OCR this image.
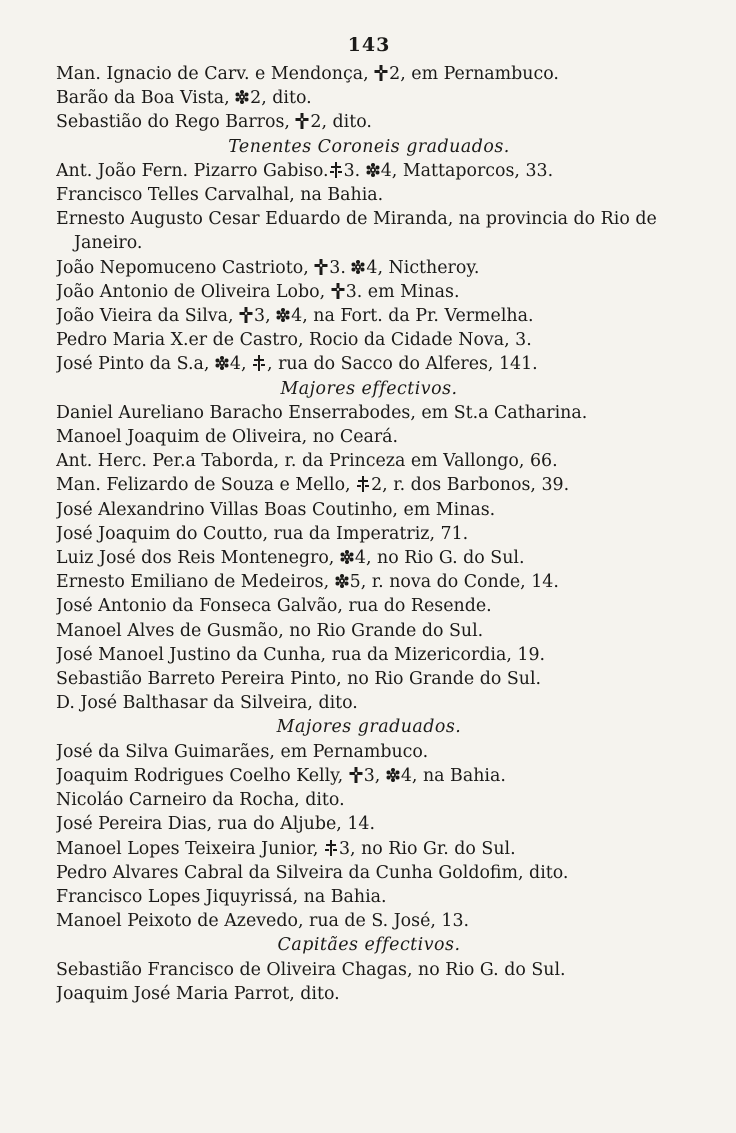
143
Man. Ignacio de Carv. e Mendonça,
2, em Pernambuco.
Barão da Boa Vista,
2, dito.
Sebastião do Rego Barros,
2, dito.
Tenentes Coroneis graduados.
Ant. João Fern. Pizarro Gabiso. 3.
4, Mattaporcos, 33.
Francisco Telles Carvalhal, na Bahia.
Ernesto Augusto Cesar Eduardo de Miranda, na provincia do Rio de Janeiro.
João Nepomuceno Castrioto,
3.
4, Nictheroy.
João Antonio de Oliveira Lobo,
3. em Minas.
João Vieira da Silva,
3,
4, na Fort. da Pr. Vermelha.
Pedro Maria X.er de Castro, Rocio da Cidade Nova, 3.
José Pinto da S.a,
4,
, rua do Sacco do Alferes, 141.
Majores effectivos.
Daniel Aureliano Baracho Enserrabodes, em St.a Catharina.
Manoel Joaquim de Oliveira, no Ceará.
Ant. Herc. Per.a Taborda, r. da Princeza em Vallongo, 66.
Man. Felizardo de Souza e Mello,
2, r. dos Barbonos, 39.
José Alexandrino Villas Boas Coutinho, em Minas.
José Joaquim do Coutto, rua da Imperatriz, 71.
Luiz José dos Reis Montenegro,
4, no Rio G. do Sul.
Ernesto Emiliano de Medeiros,
5, r. nova do Conde, 14.
José Antonio da Fonseca Galvão, rua do Resende.
Manoel Alves de Gusmão, no Rio Grande do Sul.
José Manoel Justino da Cunha, rua da Mizericordia, 19.
Sebastião Barreto Pereira Pinto, no Rio Grande do Sul.
D. José Balthasar da Silveira, dito.
Majores graduados.
José da Silva Guimarães, em Pernambuco.
Joaquim Rodrigues Coelho Kelly,
3,
4, na Bahia.
Nicoláo Carneiro da Rocha, dito.
José Pereira Dias, rua do Aljube, 14.
Manoel Lopes Teixeira Junior,
3, no Rio Gr. do Sul.
Pedro Alvares Cabral da Silveira da Cunha Goldofim, dito.
Francisco Lopes Jiquyrissá, na Bahia.
Manoel Peixoto de Azevedo, rua de S. José, 13.
Capitães effectivos.
Sebastião Francisco de Oliveira Chagas, no Rio G. do Sul.
Joaquim José Maria Parrot, dito.
